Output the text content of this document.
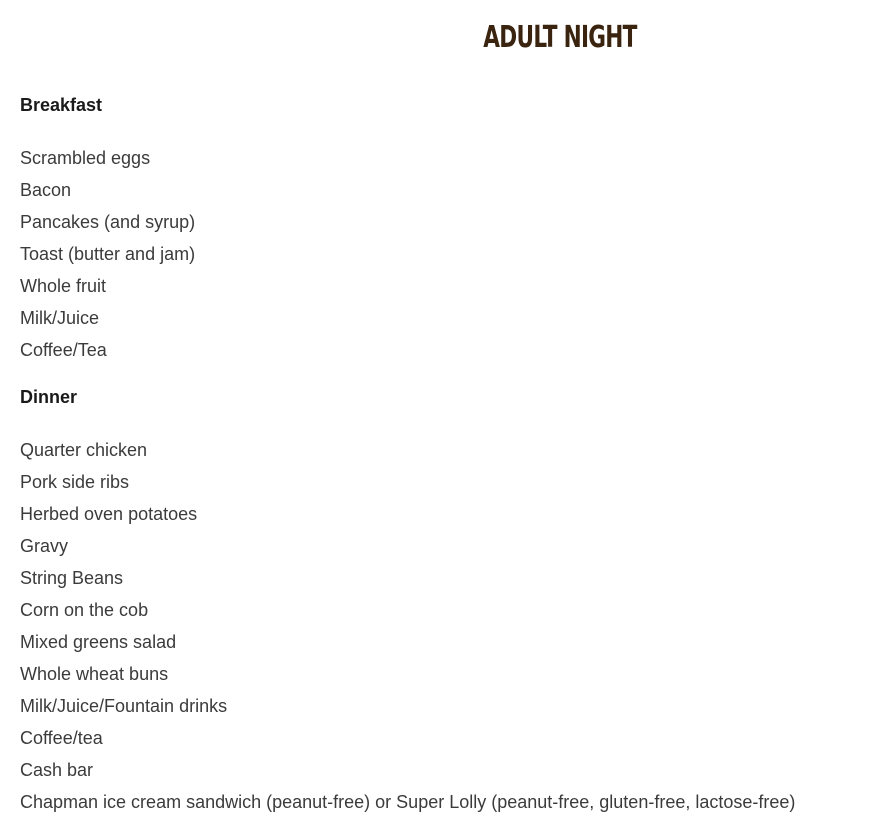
ADULT NIGHT
Breakfast
Scrambled eggs
Bacon
Pancakes (and syrup)
Toast (butter and jam)
Whole fruit
Milk/Juice
Coffee/Tea
Dinner
Quarter chicken
Pork side ribs
Herbed oven potatoes
Gravy
String Beans
Corn on the cob
Mixed greens salad
Whole wheat buns
Milk/Juice/Fountain drinks
Coffee/tea
Cash bar
Chapman ice cream sandwich (peanut-free) or Super Lolly (peanut-free, gluten-free, lactose-free)
